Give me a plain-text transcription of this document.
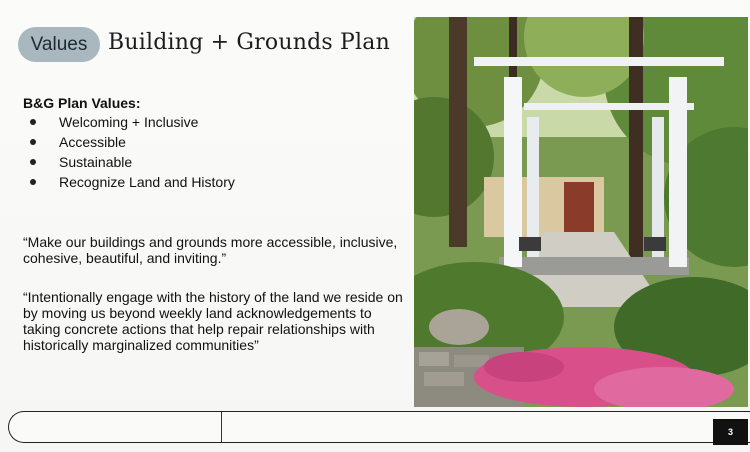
Values Building + Grounds Plan
B&G Plan Values:
Welcoming + Inclusive
Accessible
Sustainable
Recognize Land and History

“Make our buildings and grounds more accessible, inclusive, cohesive, beautiful, and inviting.”

“Intentionally engage with the history of the land we reside on by moving us beyond weekly land acknowledgements to taking concrete actions that help repair relationships with historically marginalized communities”

3
